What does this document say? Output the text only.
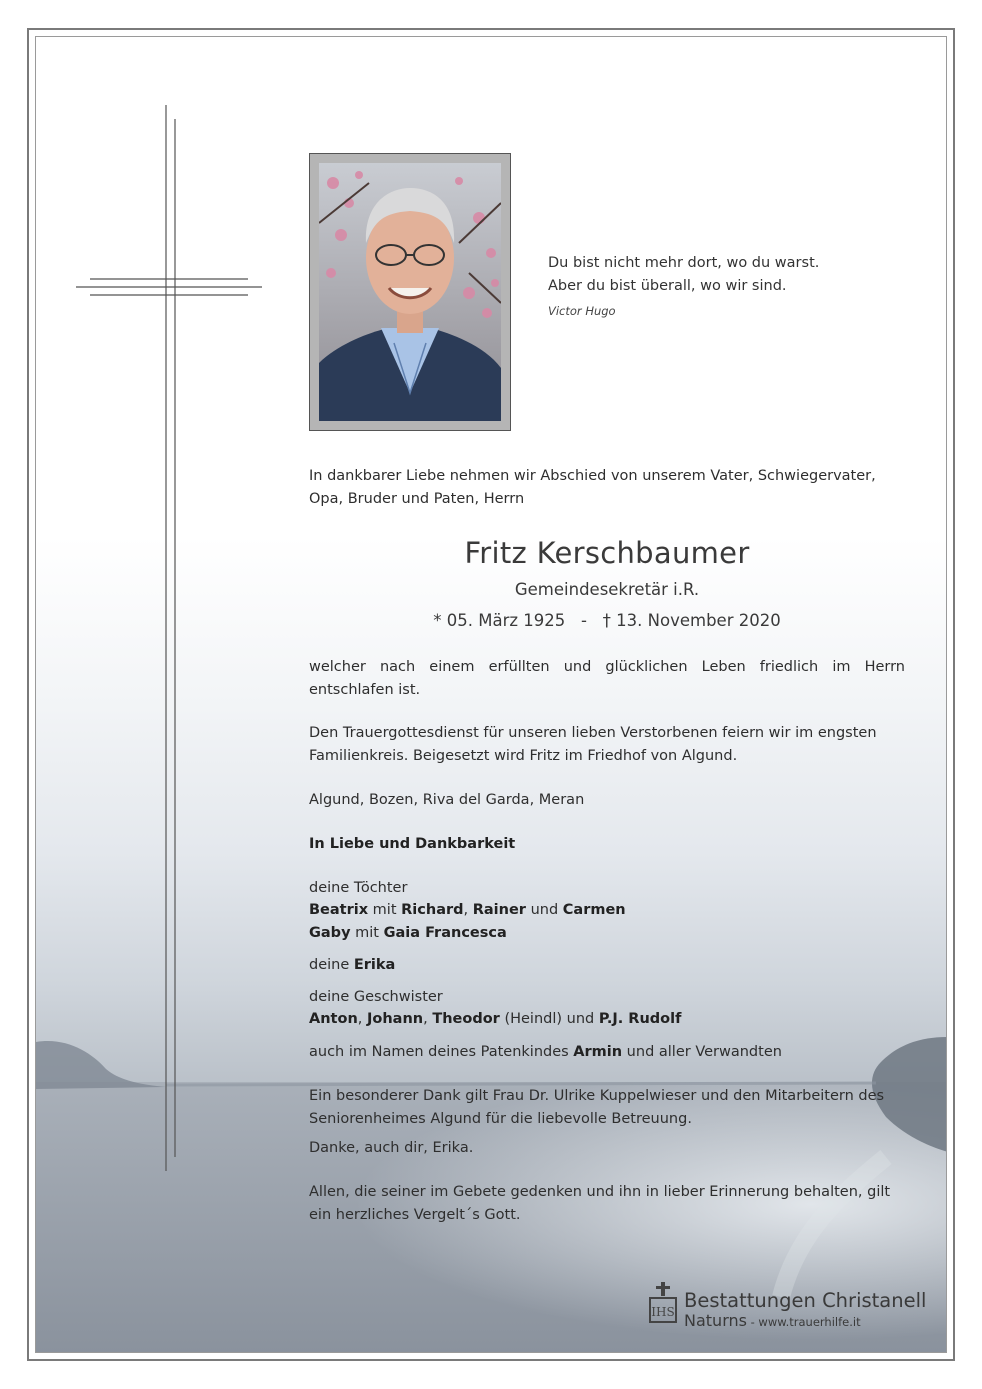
Du bist nicht mehr dort, wo du warst.
Aber du bist überall, wo wir sind.
Victor Hugo
In dankbarer Liebe nehmen wir Abschied von unserem Vater, Schwiegervater, Opa, Bruder und Paten, Herrn
Fritz Kerschbaumer
Gemeindesekretär i.R.
* 05. März 1925   -   † 13. November 2020
welcher nach einem erfüllten und glücklichen Leben friedlich im Herrn entschlafen ist.
Den Trauergottesdienst für unseren lieben Verstorbenen feiern wir im engsten Familienkreis. Beigesetzt wird Fritz im Friedhof von Algund.
Algund, Bozen, Riva del Garda, Meran
In Liebe und Dankbarkeit
deine Töchter
Beatrix mit Richard, Rainer und Carmen
Gaby mit Gaia Francesca
deine Erika
deine Geschwister
Anton, Johann, Theodor (Heindl) und P.J. Rudolf
auch im Namen deines Patenkindes Armin und aller Verwandten
Ein besonderer Dank gilt Frau Dr. Ulrike Kuppelwieser und den Mitarbeitern des Seniorenheimes Algund für die liebevolle Betreuung.
Danke, auch dir, Erika.
Allen, die seiner im Gebete gedenken und ihn in lieber Erinnerung behalten, gilt ein herzliches Vergelt´s Gott.
IHS Bestattungen Christanell
Naturns - www.trauerhilfe.it
